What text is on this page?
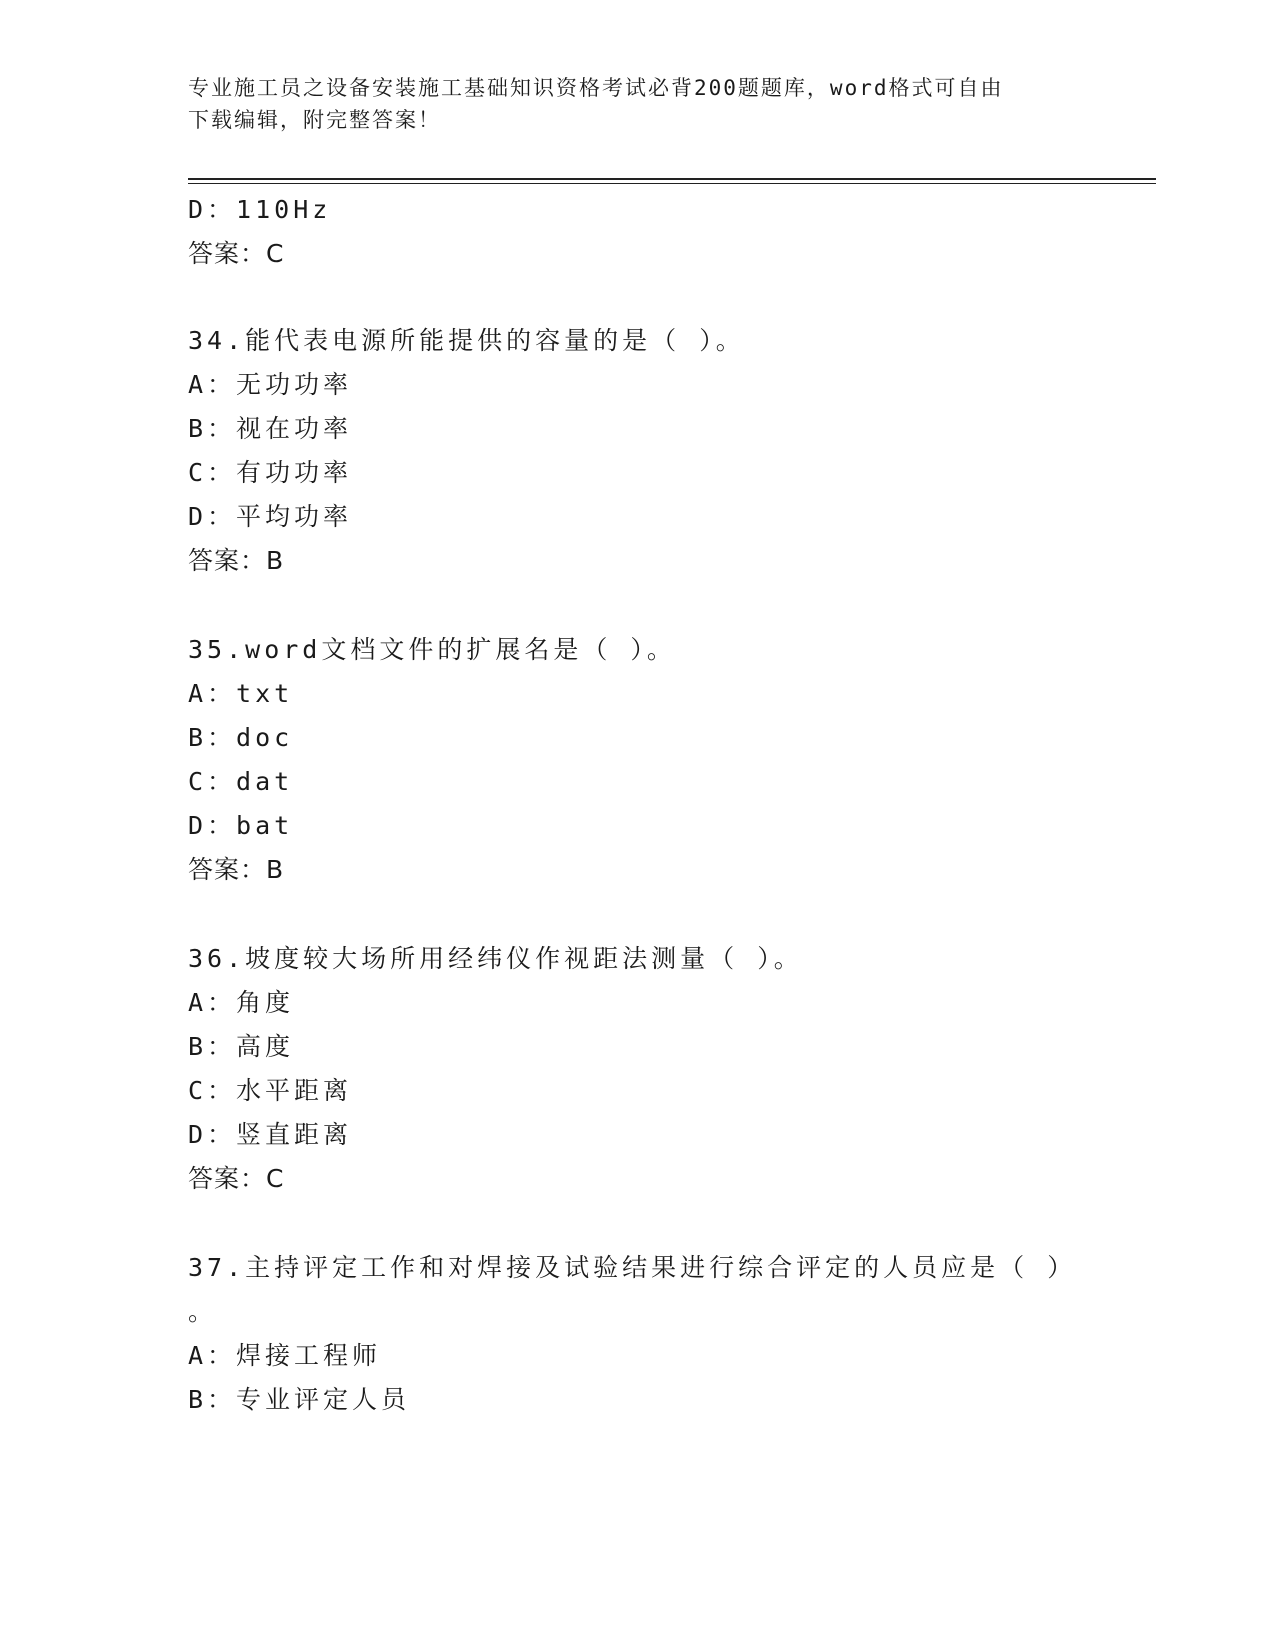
专业施工员之设备安装施工基础知识资格考试必背200题题库，word格式可自由
下载编辑，附完整答案！
D：110Hz
答案：C
34.能代表电源所能提供的容量的是（ ）。
A：无功功率
B：视在功率
C：有功功率
D：平均功率
答案：B
35.word文档文件的扩展名是（ ）。
A：txt
B：doc
C：dat
D：bat
答案：B
36.坡度较大场所用经纬仪作视距法测量（ ）。
A：角度
B：高度
C：水平距离
D：竖直距离
答案：C
37.主持评定工作和对焊接及试验结果进行综合评定的人员应是（ ）
。
A：焊接工程师
B：专业评定人员
